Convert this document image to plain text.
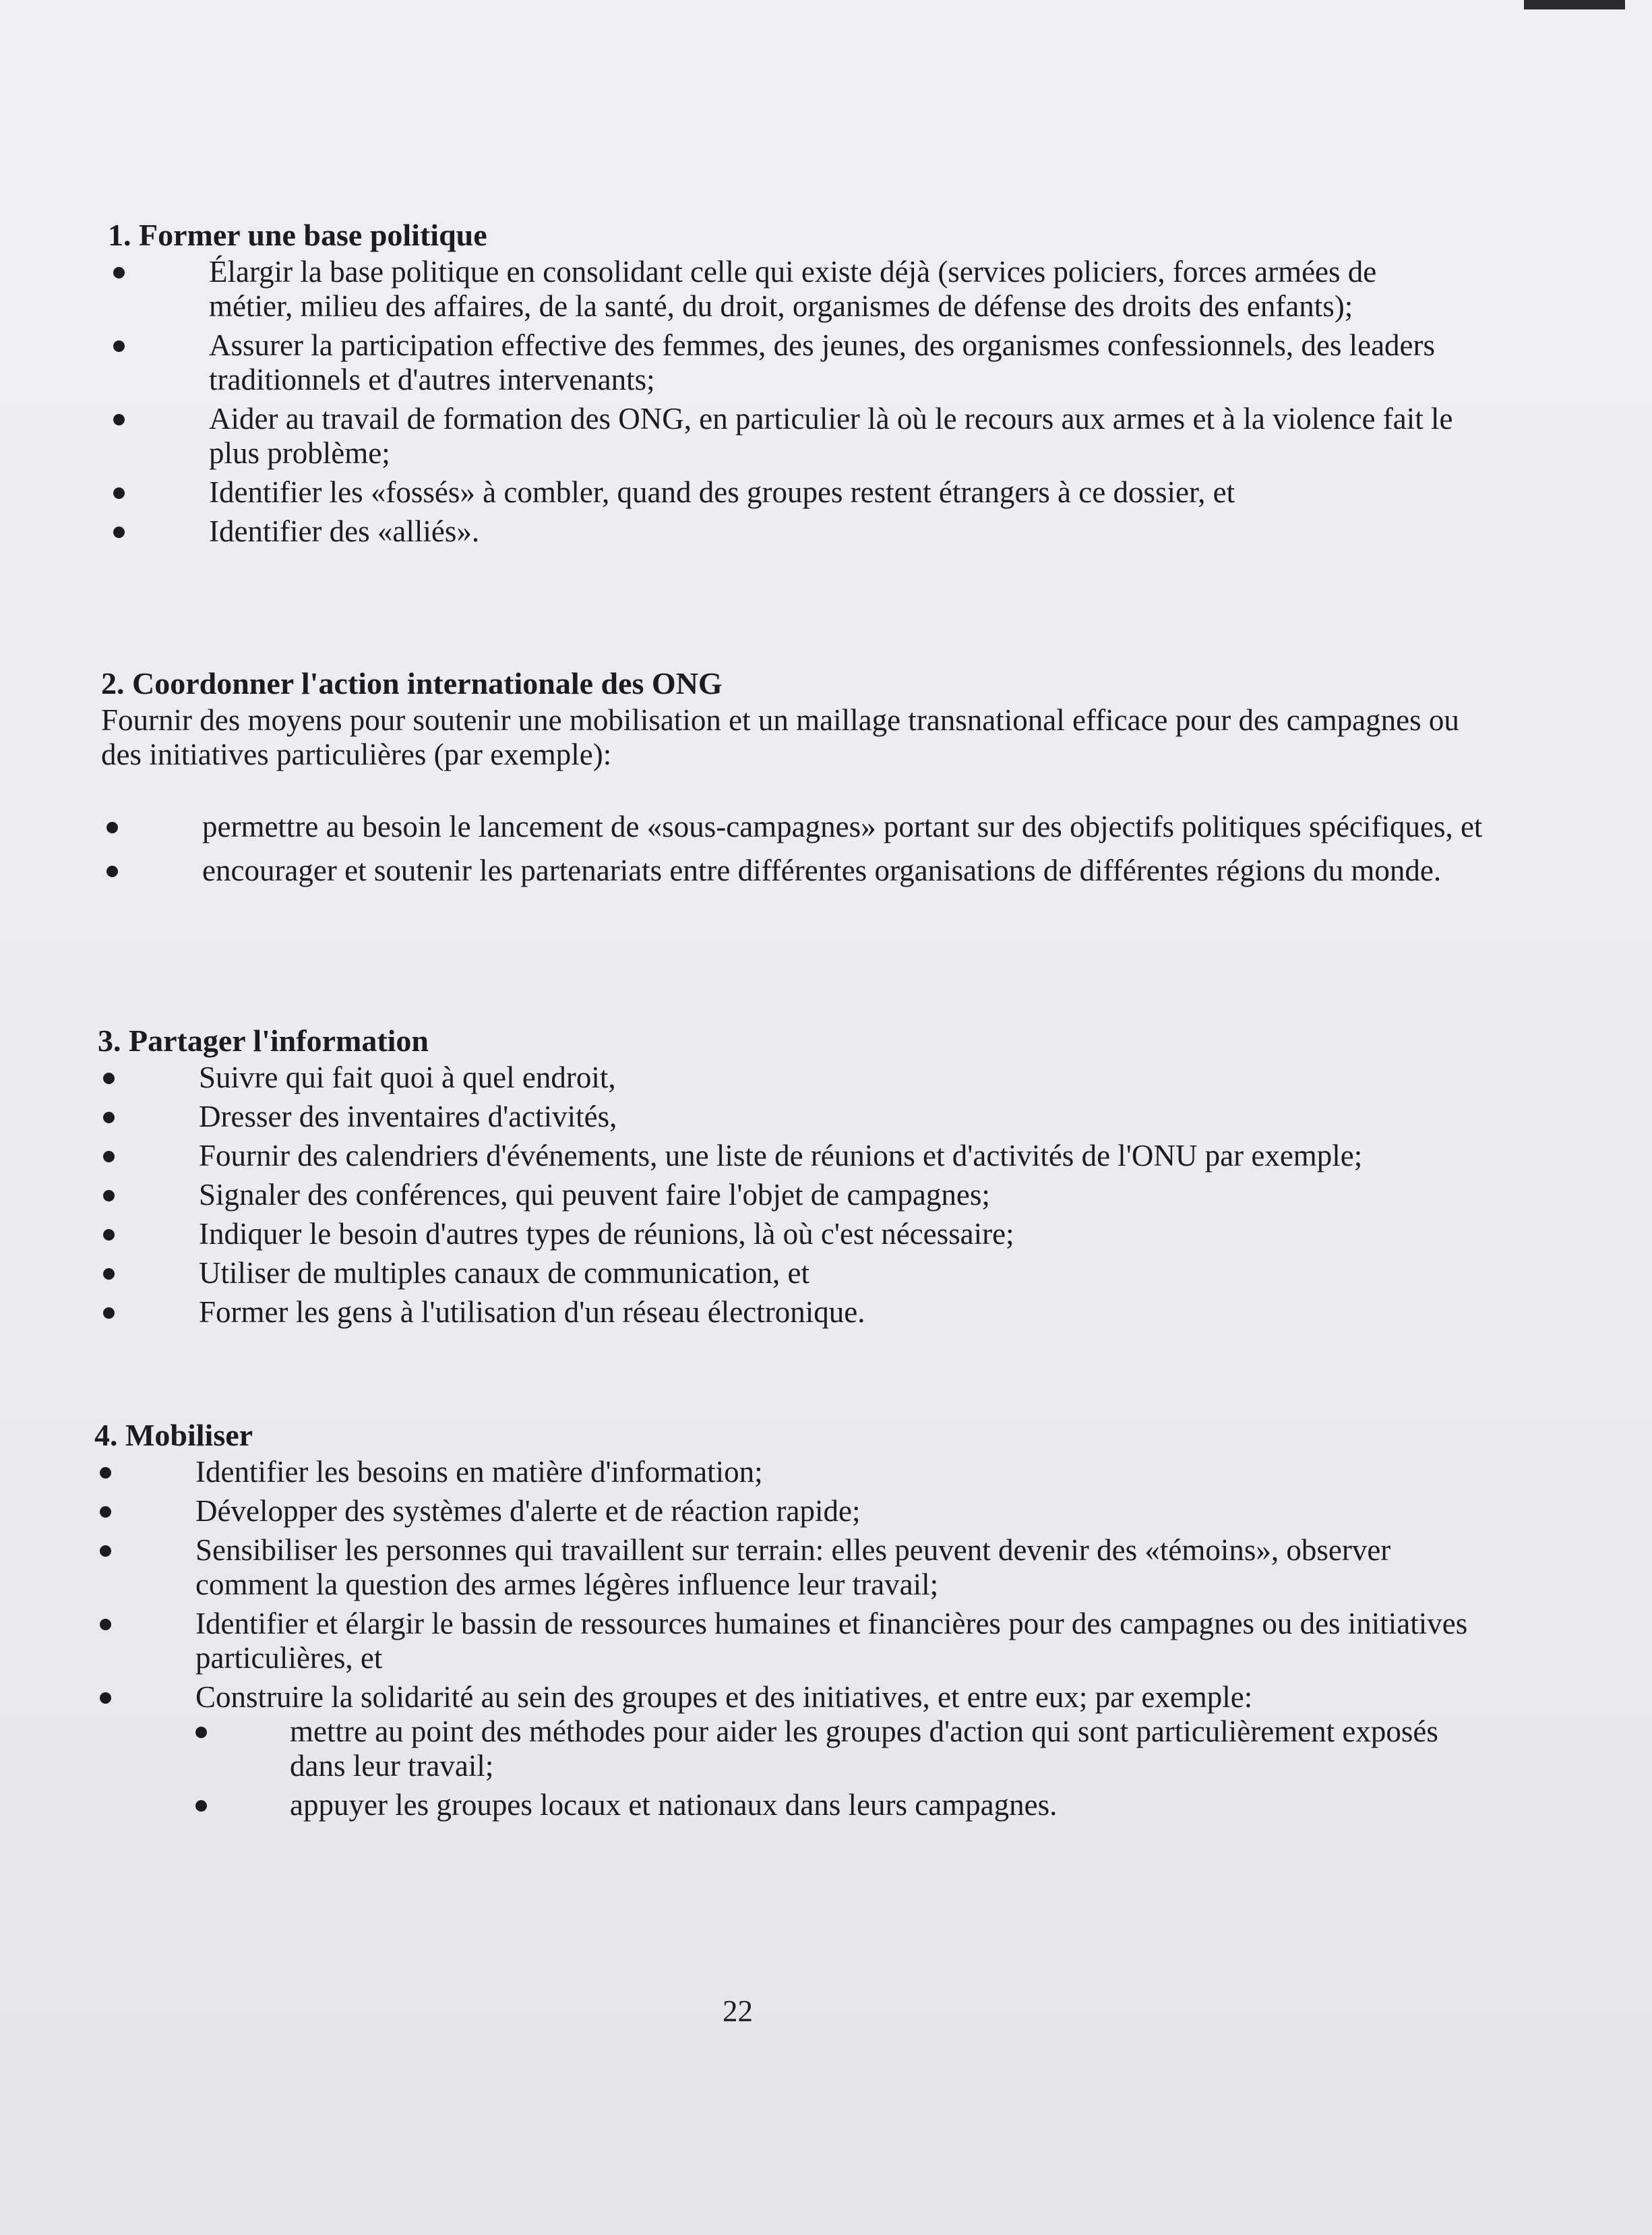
1. Former une base politique

Élargir la base politique en consolidant celle qui existe déjà (services policiers, forces armées de métier, milieu des affaires, de la santé, du droit, organismes de défense des droits des enfants);
Assurer la participation effective des femmes, des jeunes, des organismes confessionnels, des leaders traditionnels et d'autres intervenants;
Aider au travail de formation des ONG, en particulier là où le recours aux armes et à la violence fait le plus problème;
Identifier les «fossés» à combler, quand des groupes restent étrangers à ce dossier, et
Identifier des «alliés».

2. Coordonner l'action internationale des ONG

Fournir des moyens pour soutenir une mobilisation et un maillage transnational efficace pour des campagnes ou des initiatives particulières (par exemple):

permettre au besoin le lancement de «sous-campagnes» portant sur des objectifs politiques spécifiques, et
encourager et soutenir les partenariats entre différentes organisations de différentes régions du monde.

3. Partager l'information

Suivre qui fait quoi à quel endroit,
Dresser des inventaires d'activités,
Fournir des calendriers d'événements, une liste de réunions et d'activités de l'ONU par exemple;
Signaler des conférences, qui peuvent faire l'objet de campagnes;
Indiquer le besoin d'autres types de réunions, là où c'est nécessaire;
Utiliser de multiples canaux de communication, et
Former les gens à l'utilisation d'un réseau électronique.

4. Mobiliser

Identifier les besoins en matière d'information;
Développer des systèmes d'alerte et de réaction rapide;
Sensibiliser les personnes qui travaillent sur terrain: elles peuvent devenir des «témoins», observer comment la question des armes légères influence leur travail;
Identifier et élargir le bassin de ressources humaines et financières pour des campagnes ou des initiatives particulières, et
Construire la solidarité au sein des groupes et des initiatives, et entre eux; par exemple:
mettre au point des méthodes pour aider les groupes d'action qui sont particulièrement exposés dans leur travail;
appuyer les groupes locaux et nationaux dans leurs campagnes.
22
